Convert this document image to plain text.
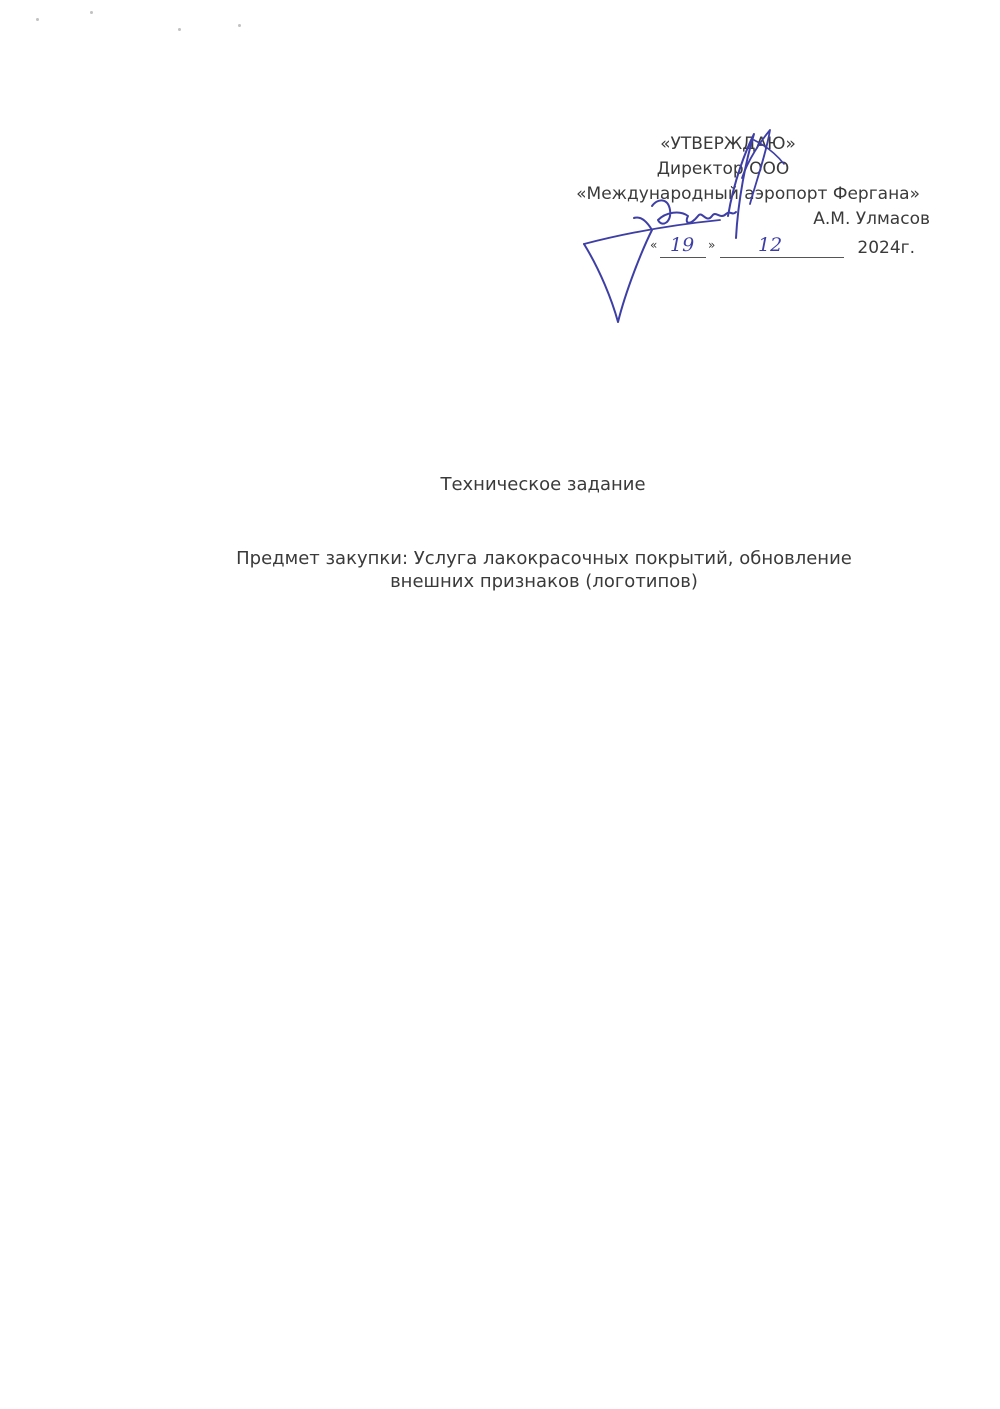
«УТВЕРЖДАЮ»
Директор ООО
«Международный аэропорт Фергана»
А.М. Улмасов
« 19 » 12	2024г.
Техническое задание
Предмет закупки: Услуга лакокрасочных покрытий, обновление
внешних признаков (логотипов)
